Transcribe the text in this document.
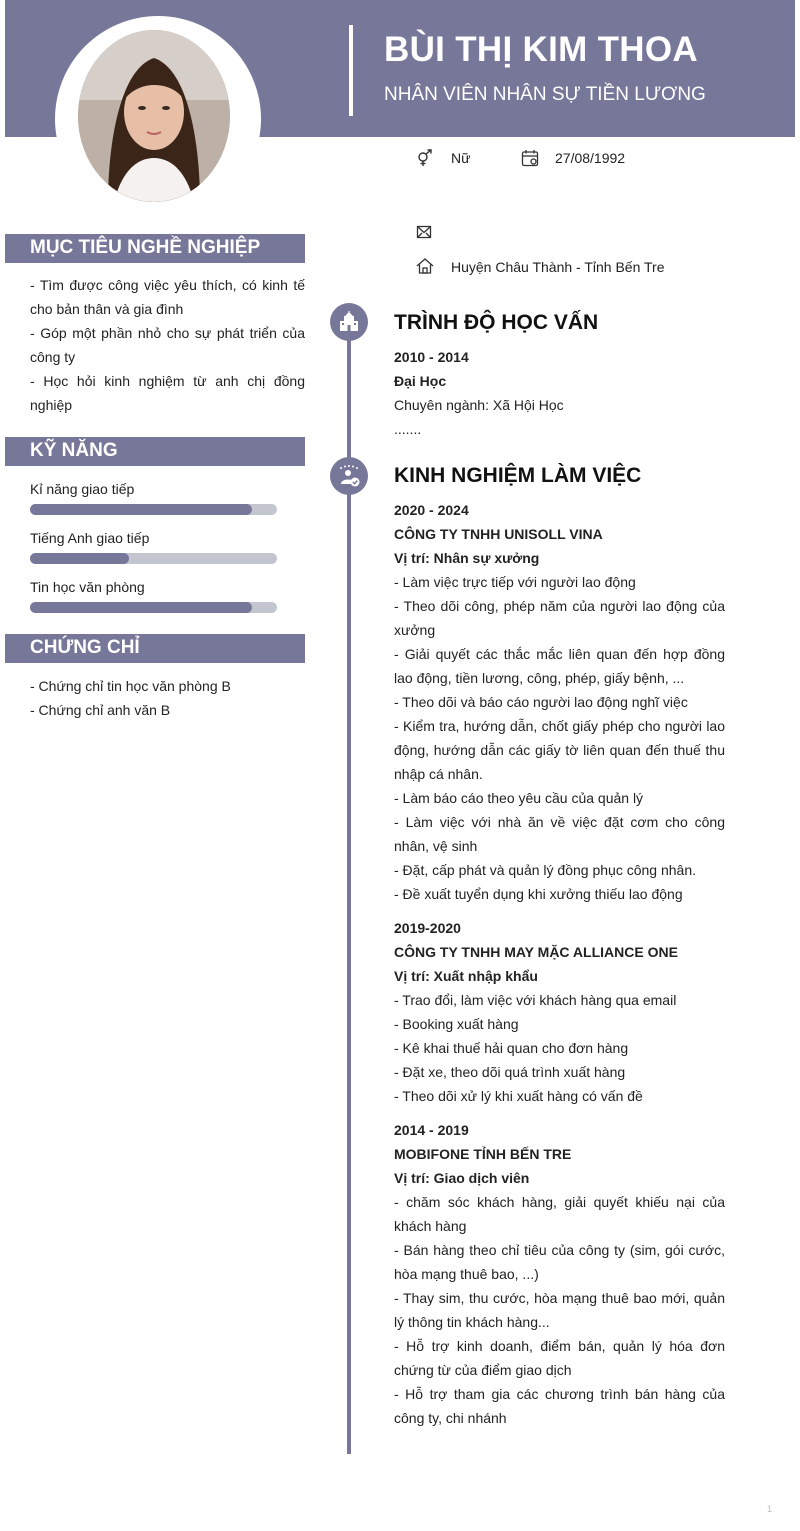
BÙI THỊ KIM THOA
NHÂN VIÊN NHÂN SỰ TIỀN LƯƠNG
Nữ	27/08/1992
Huyện Châu Thành - Tỉnh Bến Tre
MỤC TIÊU NGHỀ NGHIỆP
- Tìm được công việc yêu thích, có kinh tế cho bản thân và gia đình
- Góp một phần nhỏ cho sự phát triển của công ty
- Học hỏi kinh nghiệm từ anh chị đồng nghiệp
KỸ NĂNG
Kỉ năng giao tiếp
Tiếng Anh giao tiếp
Tin học văn phòng
CHỨNG CHỈ
- Chứng chỉ tin học văn phòng B
- Chứng chỉ anh văn B
TRÌNH ĐỘ HỌC VẤN
2010 - 2014
Đại Học
Chuyên ngành: Xã Hội Học
.......
KINH NGHIỆM LÀM VIỆC
2020 - 2024
CÔNG TY TNHH UNISOLL VINA
Vị trí: Nhân sự xưởng
- Làm việc trực tiếp với người lao động
- Theo dõi công, phép năm của người lao động của xưởng
- Giải quyết các thắc mắc liên quan đến hợp đồng lao động, tiền lương, công, phép, giấy bệnh, ...
- Theo dõi và báo cáo người lao động nghĩ việc
- Kiểm tra, hướng dẫn, chốt giấy phép cho người lao động, hướng dẫn các giấy tờ liên quan đến thuế thu nhập cá nhân.
- Làm báo cáo theo yêu cầu của quản lý
- Làm việc với nhà ăn về việc đặt cơm cho công nhân, vệ sinh
- Đặt, cấp phát và quản lý đồng phục công nhân.
- Đề xuất tuyển dụng khi xưởng thiếu lao động
2019-2020
CÔNG TY TNHH MAY MẶC ALLIANCE ONE
Vị trí: Xuất nhập khẩu
- Trao đổi, làm việc với khách hàng qua email
- Booking xuất hàng
- Kê khai thuế hải quan cho đơn hàng
- Đặt xe, theo dõi quá trình xuất hàng
- Theo dõi xử lý khi xuất hàng có vấn đề
2014 - 2019
MOBIFONE TỈNH BẾN TRE
Vị trí: Giao dịch viên
- chăm sóc khách hàng, giải quyết khiếu nại của khách hàng
- Bán hàng theo chỉ tiêu của công ty (sim, gói cước, hòa mạng thuê bao, ...)
- Thay sim, thu cước, hòa mạng thuê bao mới, quản lý thông tin khách hàng...
- Hỗ trợ kinh doanh, điểm bán, quản lý hóa đơn chứng từ của điểm giao dịch
- Hỗ trợ tham gia các chương trình bán hàng của công ty, chi nhánh
1
